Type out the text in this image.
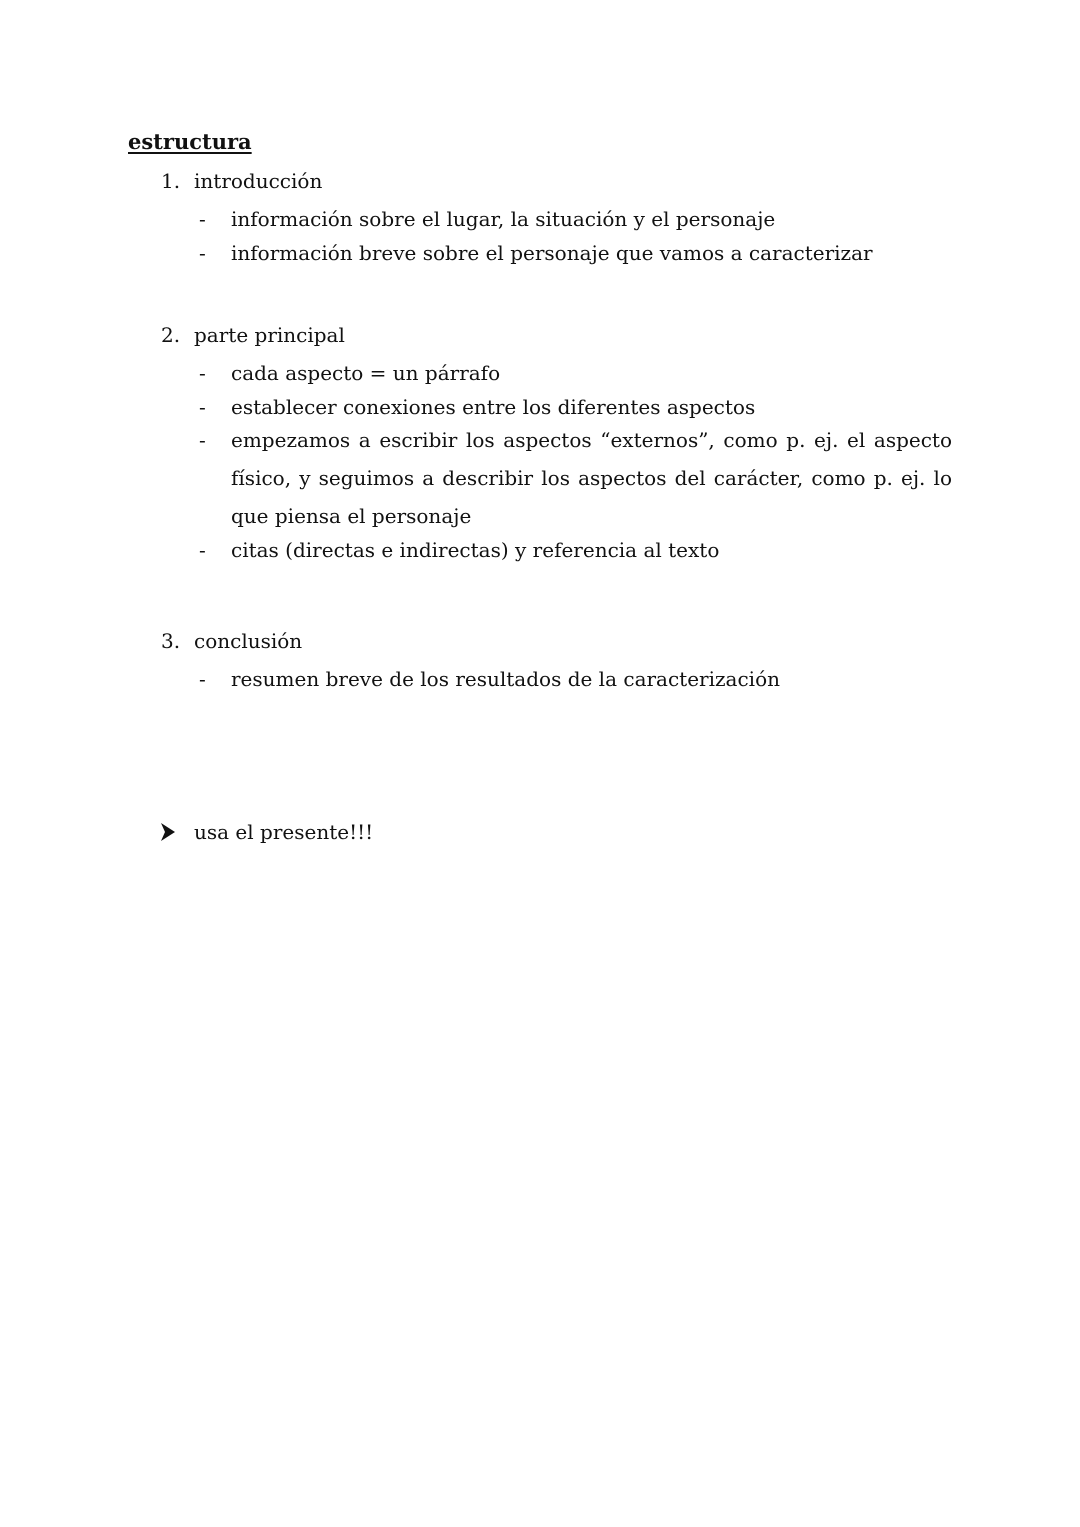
estructura
1. introducción
- información sobre el lugar, la situación y el personaje
- información breve sobre el personaje que vamos a caracterizar
2. parte principal
- cada aspecto = un párrafo
- establecer conexiones entre los diferentes aspectos
- empezamos a escribir los aspectos “externos”, como p. ej. el aspecto físico, y seguimos a describir los aspectos del carácter, como p. ej. lo que piensa el personaje
- citas (directas e indirectas) y referencia al texto
3. conclusión
- resumen breve de los resultados de la caracterización
usa el presente!!!
